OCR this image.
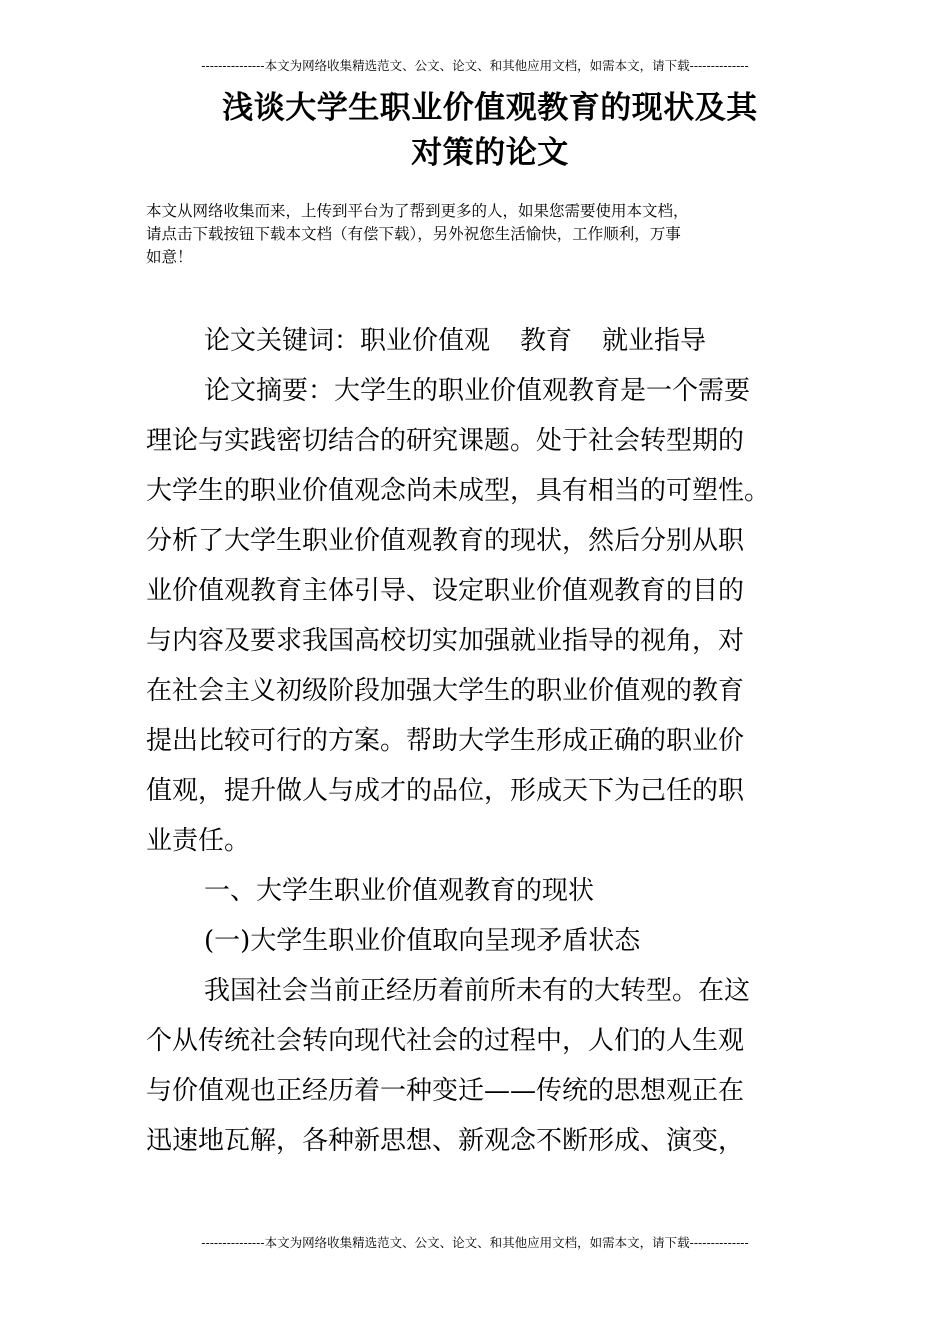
---------------本文为网络收集精选范文、公文、论文、和其他应用文档，如需本文，请下载--------------
浅谈大学生职业价值观教育的现状及其
对策的论文
本文从网络收集而来，上传到平台为了帮到更多的人，如果您需要使用本文档，
请点击下载按钮下载本文档（有偿下载），另外祝您生活愉快，工作顺利，万事
如意！
论文关键词：职业价值观 教育 就业指导
论文摘要：大学生的职业价值观教育是一个需要
理论与实践密切结合的研究课题。处于社会转型期的
大学生的职业价值观念尚未成型，具有相当的可塑性。
分析了大学生职业价值观教育的现状，然后分别从职
业价值观教育主体引导、设定职业价值观教育的目的
与内容及要求我国高校切实加强就业指导的视角，对
在社会主义初级阶段加强大学生的职业价值观的教育
提出比较可行的方案。帮助大学生形成正确的职业价
值观，提升做人与成才的品位，形成天下为己任的职
业责任。
一、大学生职业价值观教育的现状
(一)大学生职业价值取向呈现矛盾状态
我国社会当前正经历着前所未有的大转型。在这
个从传统社会转向现代社会的过程中，人们的人生观
与价值观也正经历着一种变迁——传统的思想观正在
迅速地瓦解，各种新思想、新观念不断形成、演变，
---------------本文为网络收集精选范文、公文、论文、和其他应用文档，如需本文，请下载--------------
